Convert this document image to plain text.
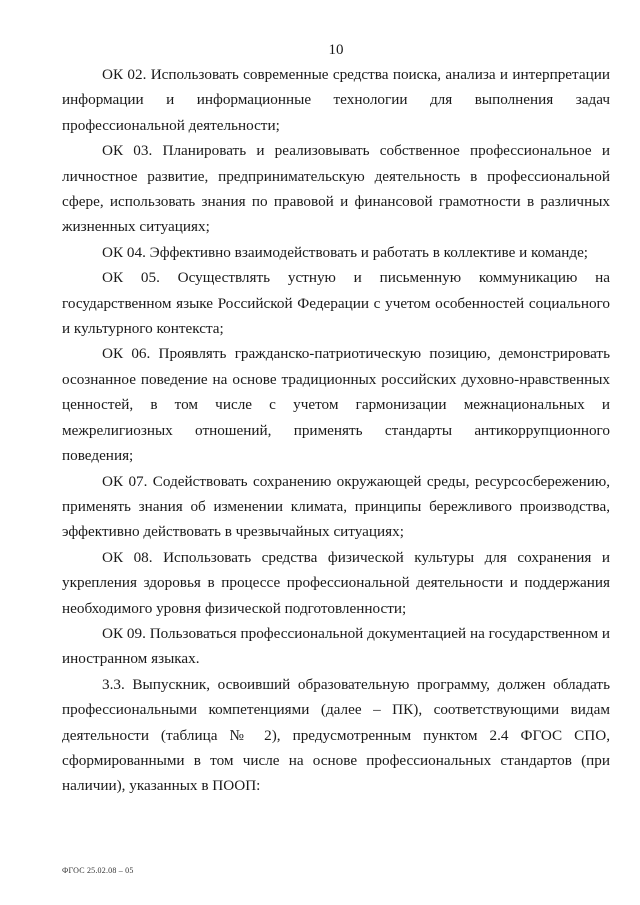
10

ОК 02. Использовать современные средства поиска, анализа и интерпретации информации и информационные технологии для выполнения задач профессиональной деятельности;

ОК 03. Планировать и реализовывать собственное профессиональное и личностное развитие, предпринимательскую деятельность в профессиональной сфере, использовать знания по правовой и финансовой грамотности в различных жизненных ситуациях;

ОК 04. Эффективно взаимодействовать и работать в коллективе и команде;

ОК 05. Осуществлять устную и письменную коммуникацию на государственном языке Российской Федерации с учетом особенностей социального и культурного контекста;

ОК 06. Проявлять гражданско-патриотическую позицию, демонстрировать осознанное поведение на основе традиционных российских духовно-нравственных ценностей, в том числе с учетом гармонизации межнациональных и межрелигиозных отношений, применять стандарты антикоррупционного поведения;

ОК 07. Содействовать сохранению окружающей среды, ресурсосбережению, применять знания об изменении климата, принципы бережливого производства, эффективно действовать в чрезвычайных ситуациях;

ОК 08. Использовать средства физической культуры для сохранения и укрепления здоровья в процессе профессиональной деятельности и поддержания необходимого уровня физической подготовленности;

ОК 09. Пользоваться профессиональной документацией на государственном и иностранном языках.

3.3. Выпускник, освоивший образовательную программу, должен обладать профессиональными компетенциями (далее – ПК), соответствующими видам деятельности (таблица № 2), предусмотренным пунктом 2.4 ФГОС СПО, сформированными в том числе на основе профессиональных стандартов (при наличии), указанных в ПООП:

ФГОС 25.02.08 – 05
